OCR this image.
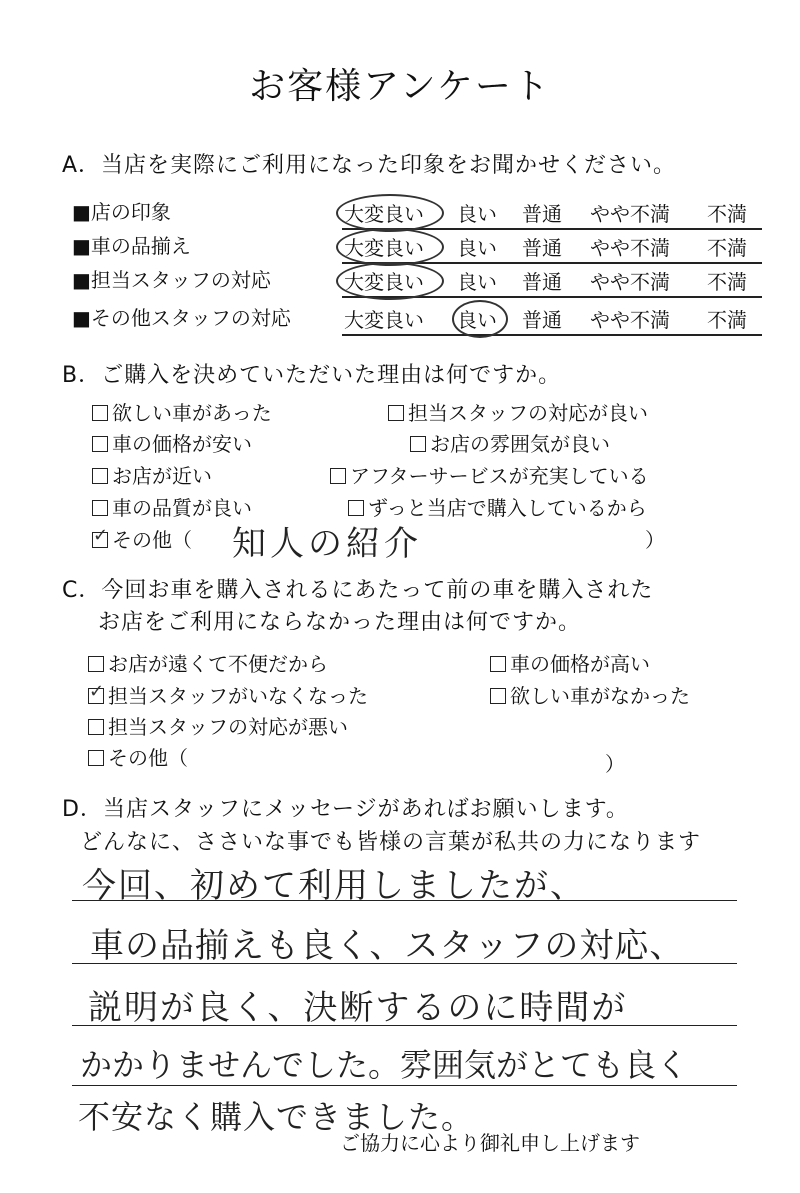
お客様アンケート
A．当店を実際にご利用になった印象をお聞かせください。
■店の印象	大変良い 良い 普通 やや不満 不満
■車の品揃え	大変良い 良い 普通 やや不満 不満
■担当スタッフの対応	大変良い 良い 普通 やや不満 不満
■その他スタッフの対応	大変良い 良い 普通 やや不満 不満
B．ご購入を決めていただいた理由は何ですか。
欲しい車があった	担当スタッフの対応が良い
車の価格が安い	お店の雰囲気が良い
お店が近い	アフターサービスが充実している
車の品質が良い	ずっと当店で購入しているから
✓その他（ 知人の紹介	）
C．今回お車を購入されるにあたって前の車を購入された
お店をご利用にならなかった理由は何ですか。
お店が遠くて不便だから	車の価格が高い
✓担当スタッフがいなくなった	欲しい車がなかった
担当スタッフの対応が悪い
その他（	）
D．当店スタッフにメッセージがあればお願いします。
どんなに、ささいな事でも皆様の言葉が私共の力になります
今回、初めて利用しましたが、
車の品揃えも良く、スタッフの対応、
説明が良く、決断するのに時間が
かかりませんでした。雰囲気がとても良く
不安なく購入できました。
ご協力に心より御礼申し上げます
